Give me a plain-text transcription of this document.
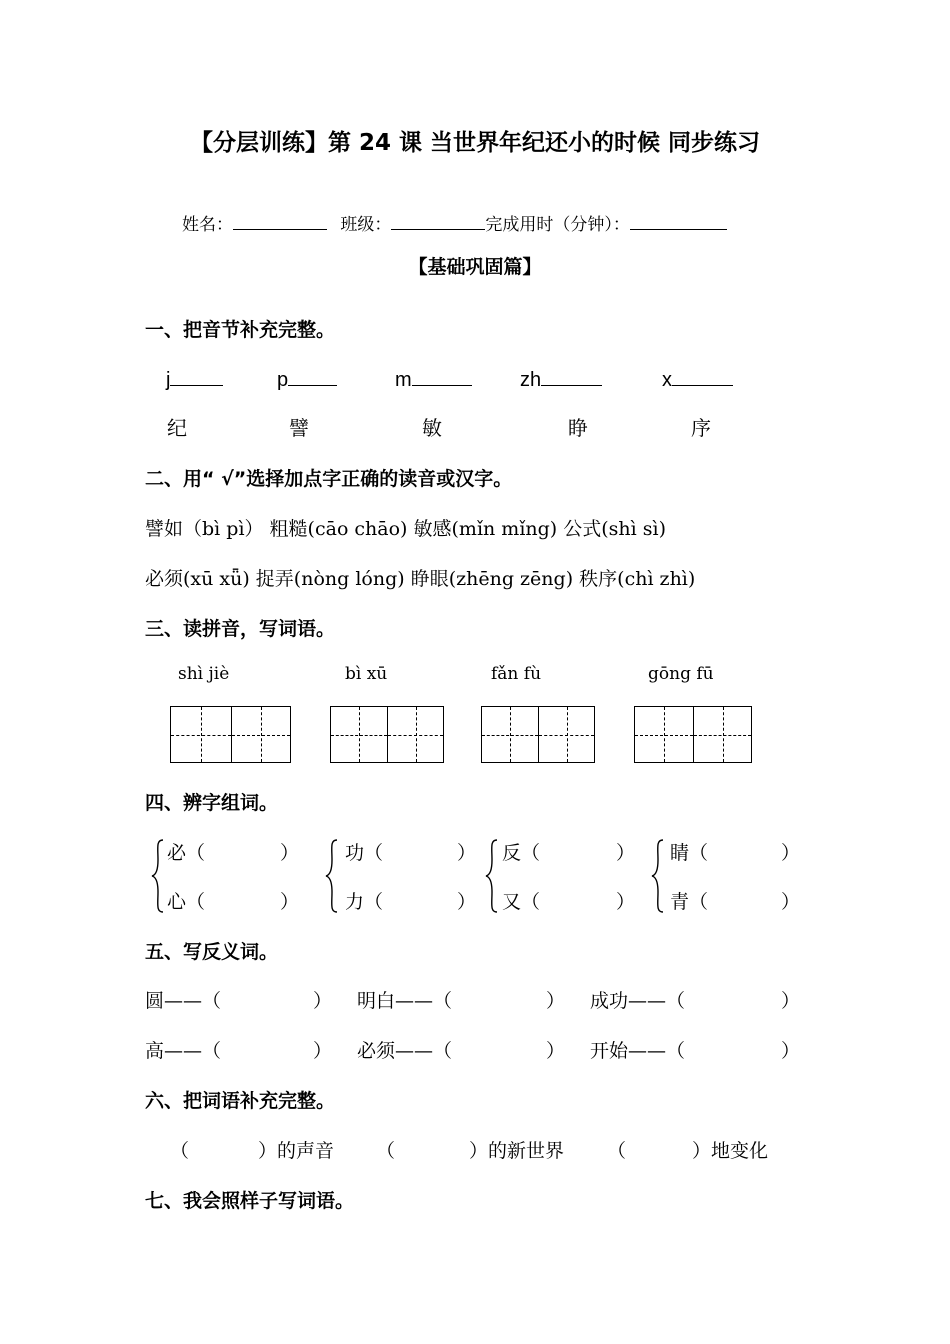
【分层训练】第 24 课 当世界年纪还小的时候 同步练习
姓名：	班级：	完成用时（分钟）：
【基础巩固篇】
一、把音节补充完整。
j	p	m	zh	x
纪	譬	敏	睁	序
二、用“ √”选择加点字正确的读音或汉字。
譬如（bì pì） 粗糙(cāo chāo) 敏感(mǐn mǐng) 公式(shì sì)
必须(xū xǖ) 捉弄(nòng lóng) 睁眼(zhēng zēng) 秩序(chì zhì)
三、读拼音，写词语。
shì jiè	bì xū	fǎn fù	gōng fū
四、辨字组词。
必（	）
心（	）
功（	）
力（	）
反（	）
又（	）
睛（	）
青（	）
五、写反义词。
圆——（	） 明白——（	） 成功——（	）
高——（	） 必须——（	） 开始——（	）
六、把词语补充完整。
（	）的声音 （	）的新世界 （	）地变化
七、我会照样子写词语。
